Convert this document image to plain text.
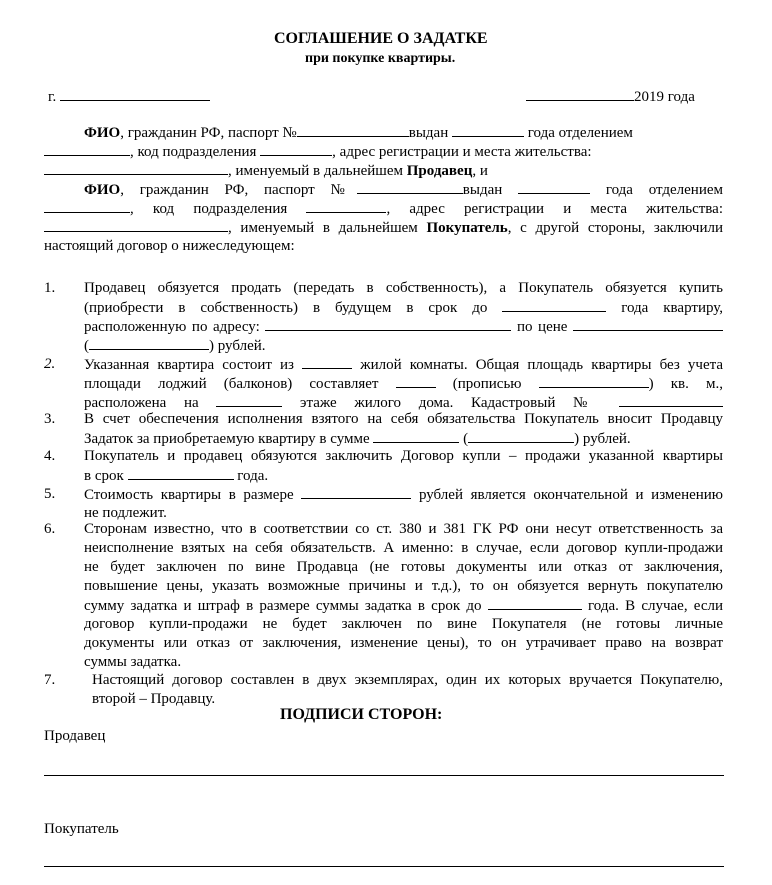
СОГЛАШЕНИЕ О ЗАДАТКЕ
при покупке квартиры.
г.	2019 года
ФИО, гражданин РФ, паспорт №	выдан	года отделением
, код подразделения	, адрес регистрации и места жительства:
, именуемый в дальнейшем Продавец, и
ФИО, гражданин РФ, паспорт №	выдан	года отделением
, код подразделения	, адрес регистрации и места жительства:
, именуемый в дальнейшем Покупатель, с другой стороны, заключили
настоящий договор о нижеследующем:
1. Продавец обязуется продать (передать в собственность), а Покупатель обязуется купить
(приобрести в собственность) в будущем в срок до	года квартиру,
расположенную по адресу:	по цене
(	) рублей.
2. Указанная квартира состоит из	жилой комнаты. Общая площадь квартиры без учета
площади лоджий (балконов) составляет	(прописью	) кв. м.,
расположена на	этаже жилого дома. Кадастровый №
3. В счет обеспечения исполнения взятого на себя обязательства Покупатель вносит Продавцу
Задаток за приобретаемую квартиру в сумме	(	) рублей.
4. Покупатель и продавец обязуются заключить Договор купли – продажи указанной квартиры
в срок	года.
5. Стоимость квартиры в размере	рублей является окончательной и изменению
не подлежит.
6. Сторонам известно, что в соответствии со ст. 380 и 381 ГК РФ они несут ответственность за
неисполнение взятых на себя обязательств. А именно: в случае, если договор купли-продажи
не будет заключен по вине Продавца (не готовы документы или отказ от заключения,
повышение цены, указать возможные причины и т.д.), то он обязуется вернуть покупателю
сумму задатка и штраф в размере суммы задатка в срок до	года. В случае, если
договор купли-продажи не будет заключен по вине Покупателя (не готовы личные
документы или отказ от заключения, изменение цены), то он утрачивает право на возврат
суммы задатка.
7. Настоящий договор составлен в двух экземплярах, один их которых вручается Покупателю,
второй – Продавцу.
ПОДПИСИ СТОРОН:
Продавец
Покупатель
